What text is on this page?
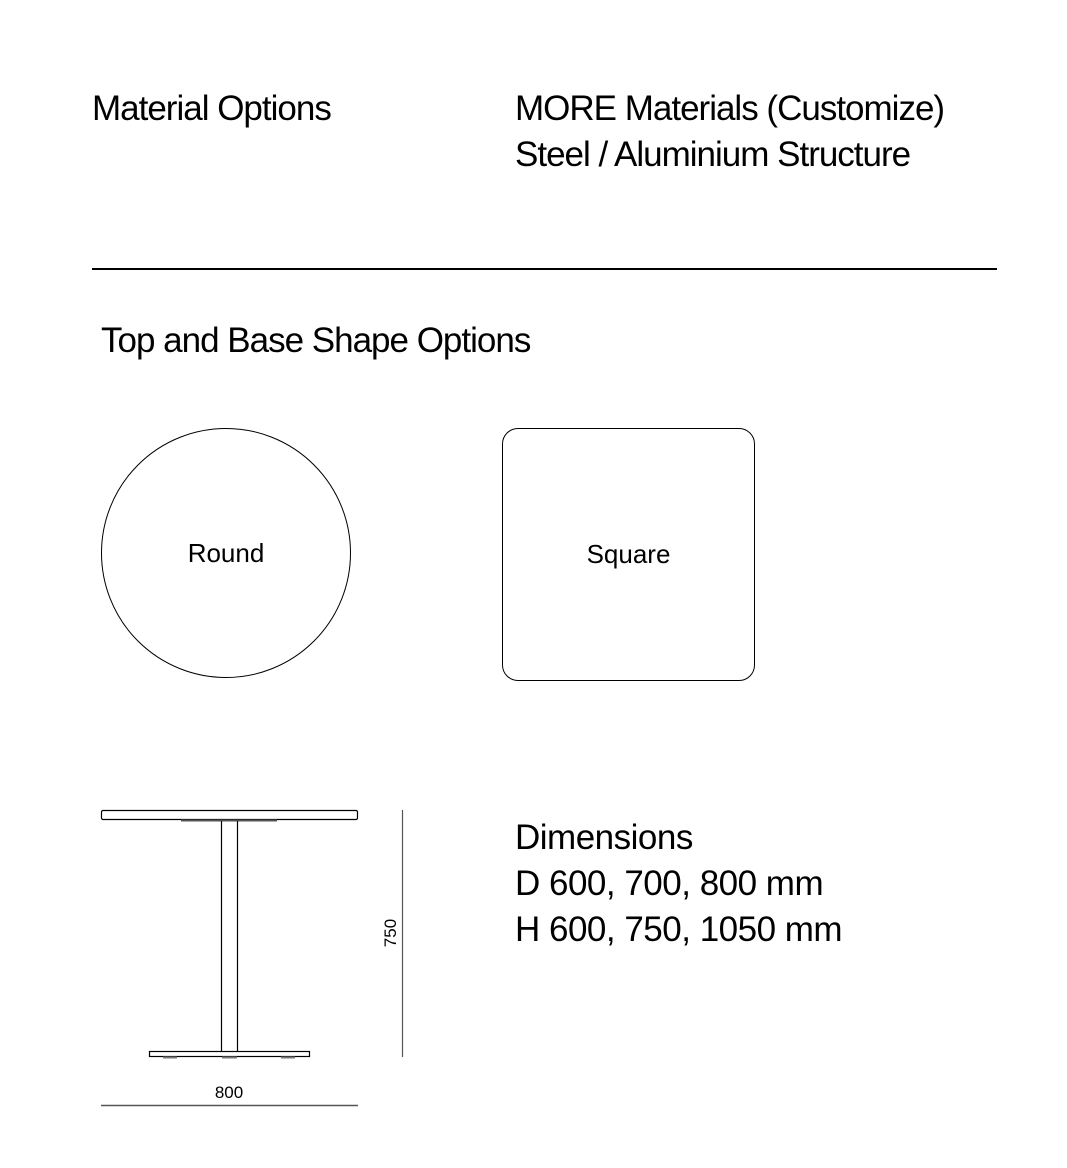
Material Options	MORE Materials (Customize)
Steel / Aluminium Structure
Top and Base Shape Options
Round	Square
800
750
Dimensions
D 600, 700, 800 mm
H 600, 750, 1050 mm
